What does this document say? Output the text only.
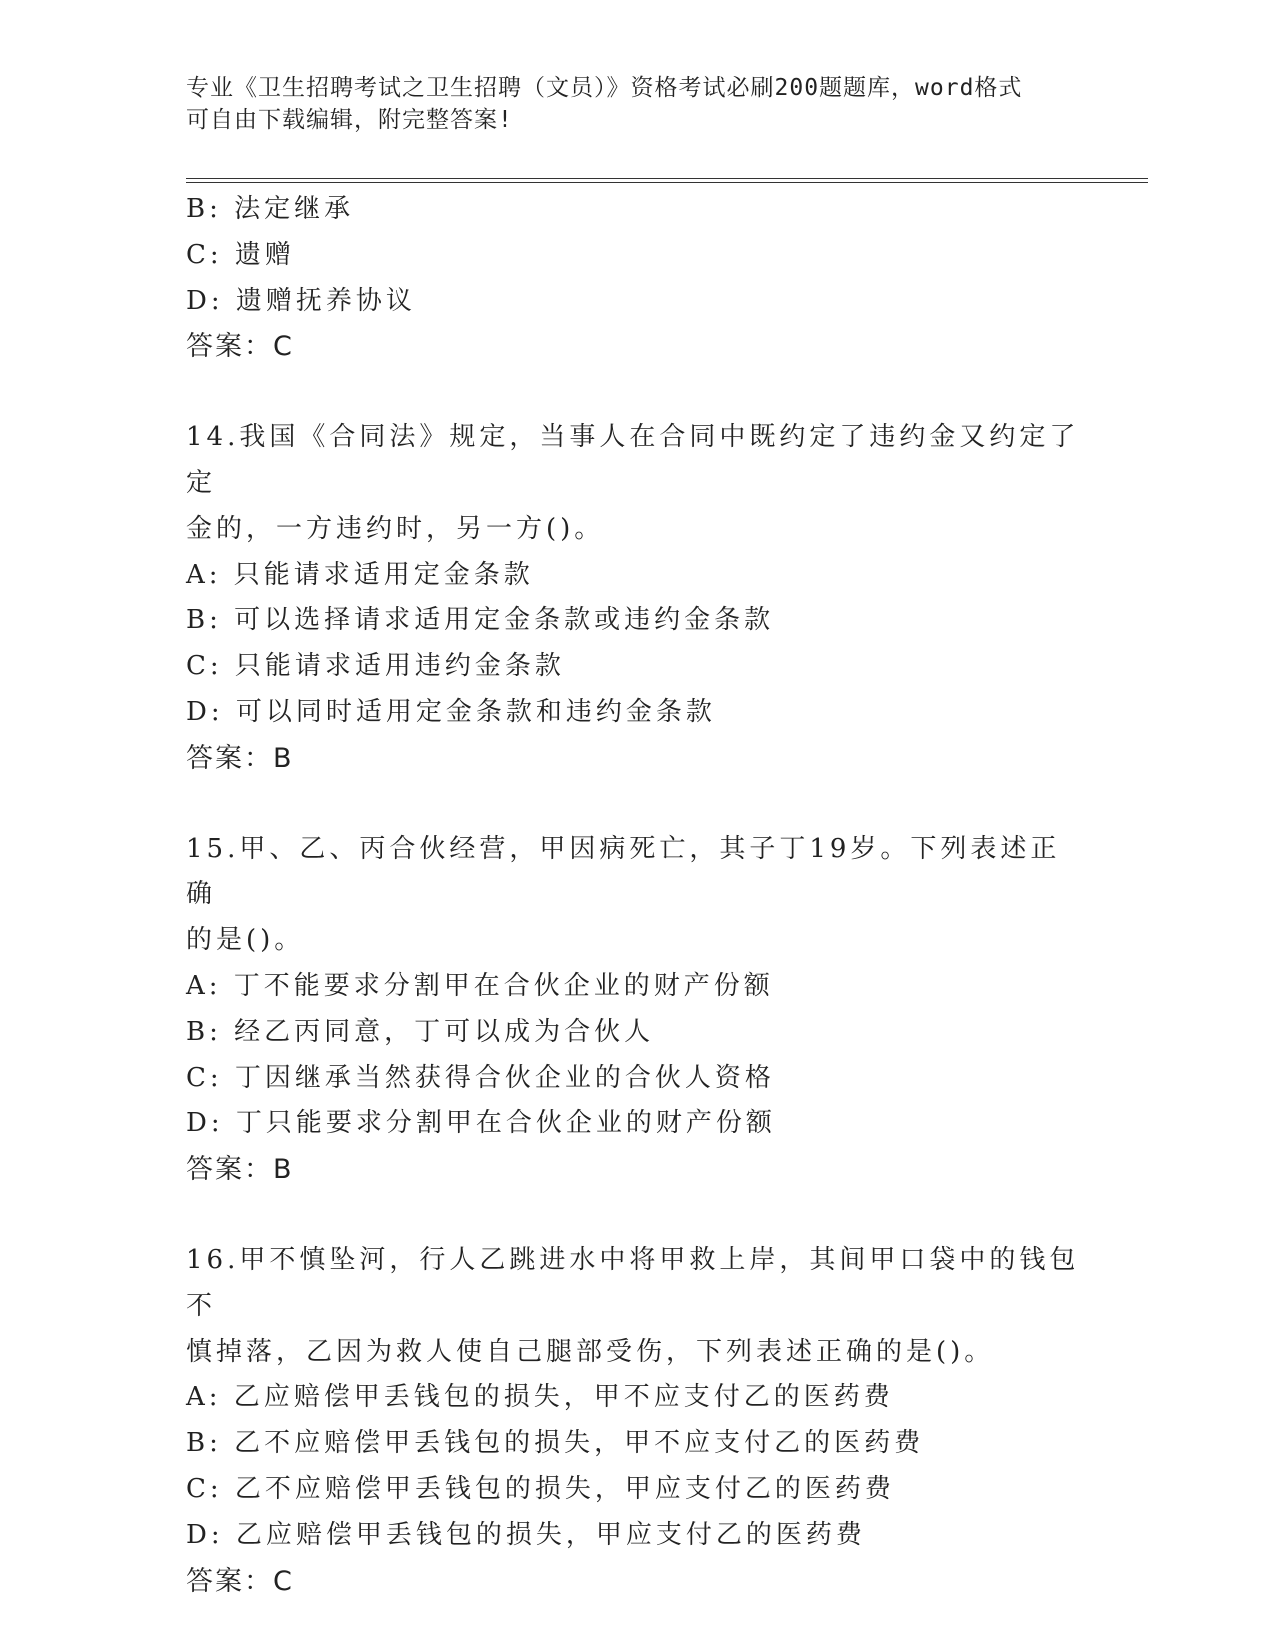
专业《卫生招聘考试之卫生招聘（文员）》资格考试必刷200题题库，word格式
可自由下载编辑，附完整答案!
B: 法定继承
C: 遗赠
D: 遗赠抚养协议
答案：C
14.我国《合同法》规定，当事人在合同中既约定了违约金又约定了定
金的，一方违约时，另一方()。
A: 只能请求适用定金条款
B: 可以选择请求适用定金条款或违约金条款
C: 只能请求适用违约金条款
D: 可以同时适用定金条款和违约金条款
答案：B
15.甲、乙、丙合伙经营，甲因病死亡，其子丁19岁。下列表述正确
的是()。
A: 丁不能要求分割甲在合伙企业的财产份额
B: 经乙丙同意，丁可以成为合伙人
C: 丁因继承当然获得合伙企业的合伙人资格
D: 丁只能要求分割甲在合伙企业的财产份额
答案：B
16.甲不慎坠河，行人乙跳进水中将甲救上岸，其间甲口袋中的钱包不
慎掉落，乙因为救人使自己腿部受伤，下列表述正确的是()。
A: 乙应赔偿甲丢钱包的损失，甲不应支付乙的医药费
B: 乙不应赔偿甲丢钱包的损失，甲不应支付乙的医药费
C: 乙不应赔偿甲丢钱包的损失，甲应支付乙的医药费
D: 乙应赔偿甲丢钱包的损失，甲应支付乙的医药费
答案：C
